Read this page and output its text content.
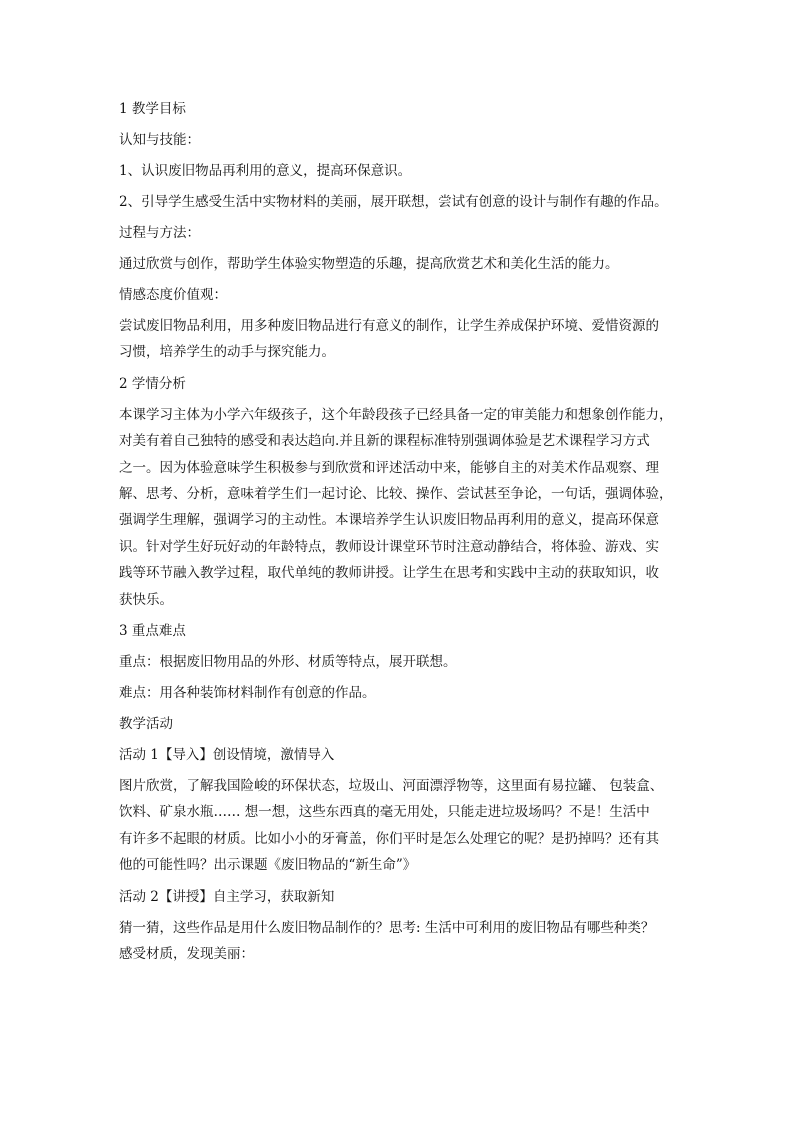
1 教学目标
认知与技能：
1、认识废旧物品再利用的意义，提高环保意识。
2、引导学生感受生活中实物材料的美丽，展开联想，尝试有创意的设计与制作有趣的作品。
过程与方法：
通过欣赏与创作，帮助学生体验实物塑造的乐趣，提高欣赏艺术和美化生活的能力。
情感态度价值观：
尝试废旧物品利用，用多种废旧物品进行有意义的制作，让学生养成保护环境、爱惜资源的
习惯，培养学生的动手与探究能力。
2 学情分析
本课学习主体为小学六年级孩子，这个年龄段孩子已经具备一定的审美能力和想象创作能力，
对美有着自己独特的感受和表达趋向.并且新的课程标准特别强调体验是艺术课程学习方式
之一。因为体验意味学生积极参与到欣赏和评述活动中来，能够自主的对美术作品观察、理
解、思考、分析，意味着学生们一起讨论、比较、操作、尝试甚至争论，一句话，强调体验，
强调学生理解，强调学习的主动性。本课培养学生认识废旧物品再利用的意义，提高环保意
识。针对学生好玩好动的年龄特点，教师设计课堂环节时注意动静结合，将体验、游戏、实
践等环节融入教学过程，取代单纯的教师讲授。让学生在思考和实践中主动的获取知识，收
获快乐。
3 重点难点
重点：根据废旧物用品的外形、材质等特点，展开联想。
难点：用各种装饰材料制作有创意的作品。
教学活动
活动 1【导入】创设情境，激情导入
图片欣赏，了解我国险峻的环保状态，垃圾山、河面漂浮物等，这里面有易拉罐、 包装盒、
饮料、矿泉水瓶…… 想一想，这些东西真的毫无用处，只能走进垃圾场吗？不是！生活中
有许多不起眼的材质。比如小小的牙膏盖，你们平时是怎么处理它的呢？是扔掉吗？还有其
他的可能性吗？出示课题《废旧物品的“新生命”》
活动 2【讲授】自主学习，获取新知
猜一猜，这些作品是用什么废旧物品制作的？思考: 生活中可利用的废旧物品有哪些种类？
感受材质，发现美丽：
